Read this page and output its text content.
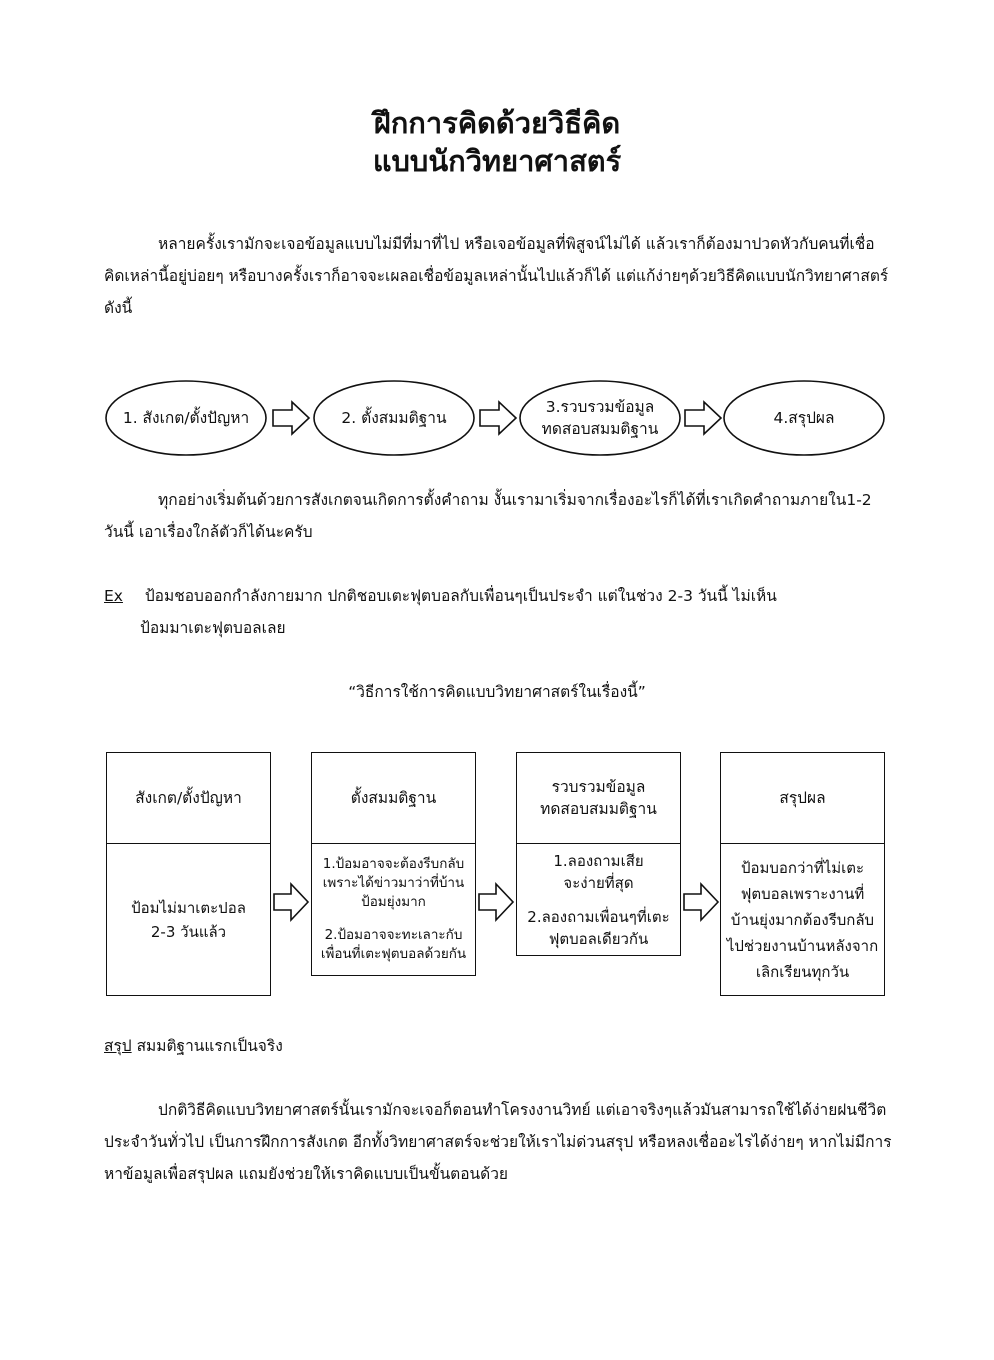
ฝึกการคิดด้วยวิธีคิด
แบบนักวิทยาศาสตร์

หลายครั้งเรามักจะเจอข้อมูลแบบไม่มีที่มาที่ไป หรือเจอข้อมูลที่พิสูจน์ไม่ได้ แล้วเราก็ต้องมาปวดหัวกับคนที่เชื่อคิดเหล่านี้อยู่บ่อยๆ หรือบางครั้งเราก็อาจจะเผลอเชื่อข้อมูลเหล่านั้นไปแล้วก็ได้ แต่แก้ง่ายๆด้วยวิธีคิดแบบนักวิทยาศาสตร์ ดังนี้

1. สังเกต/ตั้งปัญหา	2. ตั้งสมมติฐาน
3.รวบรวมข้อมูล
ทดสอบสมมติฐาน
4.สรุปผล

ทุกอย่างเริ่มต้นด้วยการสังเกตจนเกิดการตั้งคำถาม งั้นเรามาเริ่มจากเรื่องอะไรก็ได้ที่เราเกิดคำถามภายใน1-2 วันนี้ เอาเรื่องใกล้ตัวก็ได้นะครับ

Ex ป้อมชอบออกกำลังกายมาก ปกติชอบเตะฟุตบอลกับเพื่อนๆเป็นประจำ แต่ในช่วง 2-3 วันนี้ ไม่เห็น
ป้อมมาเตะฟุตบอลเลย
“วิธีการใช้การคิดแบบวิทยาศาสตร์ในเรื่องนี้”
สังเกต/ตั้งปัญหา
ป้อมไม่มาเตะปอล
2-3 วันแล้ว
ตั้งสมมติฐาน
1.ป้อมอาจจะต้องรีบกลับ
เพราะได้ข่าวมาว่าที่บ้าน
ป้อมยุ่งมาก
2.ป้อมอาจจะทะเลาะกับ
เพื่อนที่เตะฟุตบอลด้วยกัน
รวบรวมข้อมูล
ทดสอบสมมติฐาน
1.ลองถามเสีย
จะง่ายที่สุด
2.ลองถามเพื่อนๆที่เตะ
ฟุตบอลเดียวกัน
สรุปผล
ป้อมบอกว่าที่ไม่เตะ
ฟุตบอลเพราะงานที่
บ้านยุ่งมากต้องรีบกลับ
ไปช่วยงานบ้านหลังจาก
เลิกเรียนทุกวัน
สรุป สมมติฐานแรกเป็นจริง

ปกติวิธีคิดแบบวิทยาศาสตร์นั้นเรามักจะเจอก็ตอนทำโครงงานวิทย์ แต่เอาจริงๆแล้วมันสามารถใช้ได้ง่ายฝนชีวิตประจำวันทั่วไป เป็นการฝึกการสังเกต อีกทั้งวิทยาศาสตร์จะช่วยให้เราไม่ด่วนสรุป หรือหลงเชื่ออะไรได้ง่ายๆ หากไม่มีการหาข้อมูลเพื่อสรุปผล แถมยังช่วยให้เราคิดแบบเป็นขั้นตอนด้วย
